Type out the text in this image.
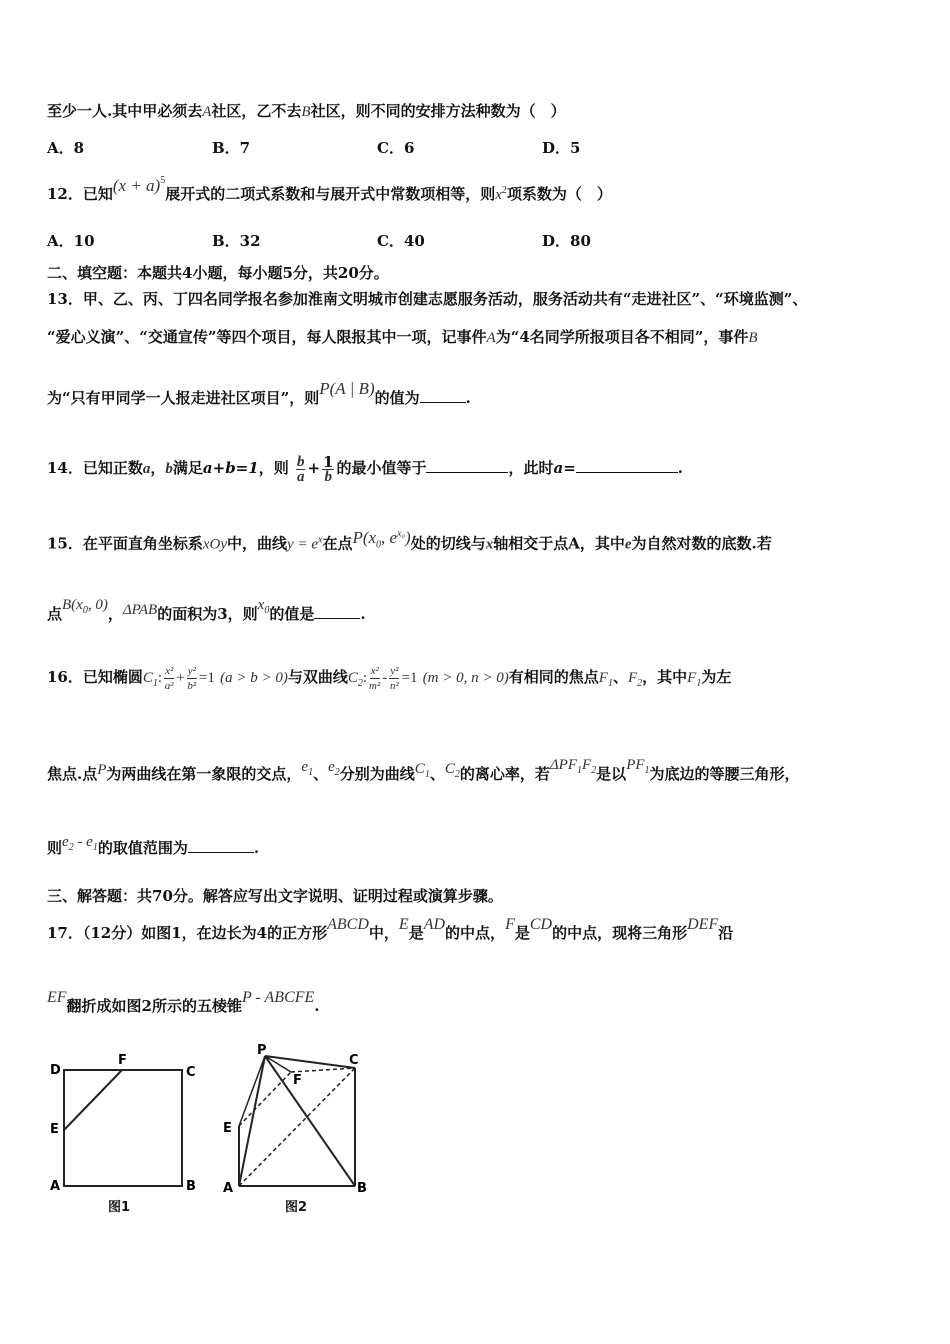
至少一人.其中甲必须去A社区，乙不去B社区，则不同的安排方法种数为（　）
A．8	B．7	C．6	D．5
12．已知$(x + a)^5$展开式的二项式系数和与展开式中常数项相等，则$x^2$项系数为（　）
A．10	B．32	C．40	D．80
二、填空题：本题共4小题，每小题5分，共20分。
13．甲、乙、丙、丁四名同学报名参加淮南文明城市创建志愿服务活动，服务活动共有“走进社区”、“环境监测”、
“爱心义演”、“交通宣传”等四个项目，每人限报其中一项，记事件A为“4名同学所报项目各不相同”，事件B
为“只有甲同学一人报走进社区项目”，则P(A | B)的值为	.
14．已知正数a，b满足a+b=1，则 $\frac{b}{a} + \frac{1}{b}$ 的最小值等于	，此时a=	.
15．在平面直角坐标系xOy中，曲线$y = e^x$在点$P(x_0$, $e^{x_0}$)处的切线与x轴相交于点A，其中e为自然对数的底数.若
点$B(x_0$, 0)，ΔPAB的面积为3，则$x_0$的值是	.
16．已知椭圆$C_1$: $\frac{\text{x²}}{\text{a²}} + \frac{\text{y²}}{\text{b²}} =1$ (a > b > 0)与双曲线$C_2$: $\frac{\text{x²}}{\text{m²}} - \frac{\text{y²}}{\text{n²}} =1$ (m > 0, n > 0)有相同的焦点$F_1$、$F_2$，其中$F_1$为左
焦点.点P为两曲线在第一象限的交点，$e_1$、$e_2$分别为曲线$C_1$、$C_2$的离心率，若$\Delta PF_1F_2$是以$PF_1$为底边的等腰三角形，
则$e_2 - e_1$的取值范围为	.
三、解答题：共70分。解答应写出文字说明、证明过程或演算步骤。
17．（12分）如图1，在边长为4的正方形ABCD中，E是AD的中点，F是CD的中点，现将三角形DEF沿
EF翻折成如图2所示的五棱锥P - ABCFE.
D
F
C
E
A	B
图1
P
C
F
E
A	B
图2
